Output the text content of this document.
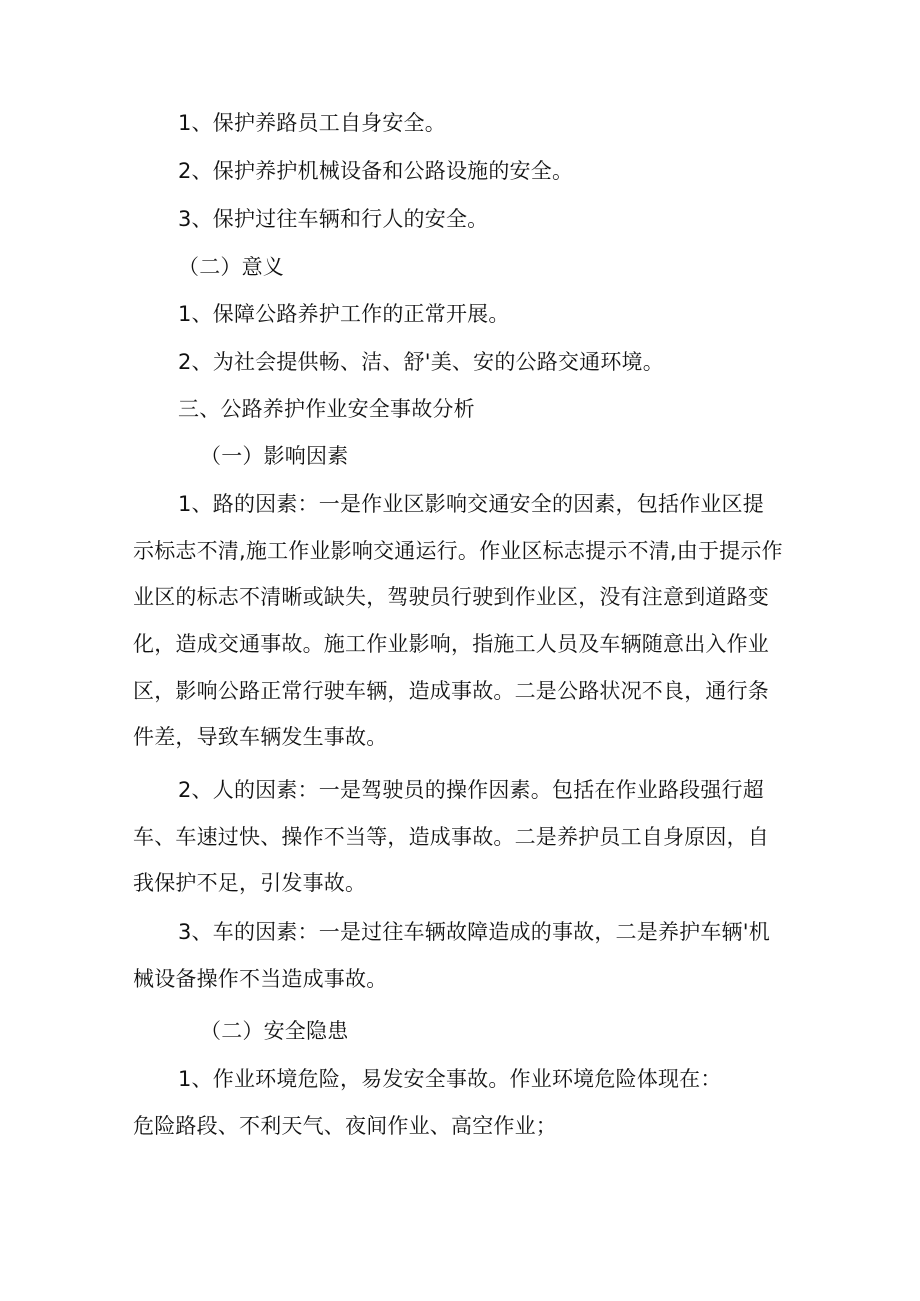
1、保护养路员工自身安全。
2、保护养护机械设备和公路设施的安全。
3、保护过往车辆和行人的安全。
（二）意义
1、保障公路养护工作的正常开展。
2、为社会提供畅、洁、舒'美、安的公路交通环境。
三、公路养护作业安全事故分析
（一）影响因素
1、路的因素：一是作业区影响交通安全的因素，包括作业区提
示标志不清,施工作业影响交通运行。作业区标志提示不清,由于提示作
业区的标志不清晰或缺失，驾驶员行驶到作业区，没有注意到道路变
化，造成交通事故。施工作业影响，指施工人员及车辆随意出入作业
区，影响公路正常行驶车辆，造成事故。二是公路状况不良，通行条
件差，导致车辆发生事故。
2、人的因素：一是驾驶员的操作因素。包括在作业路段强行超
车、车速过快、操作不当等，造成事故。二是养护员工自身原因，自
我保护不足，引发事故。
3、车的因素：一是过往车辆故障造成的事故，二是养护车辆'机
械设备操作不当造成事故。
（二）安全隐患
1、作业环境危险，易发安全事故。作业环境危险体现在：
危险路段、不利天气、夜间作业、高空作业；
